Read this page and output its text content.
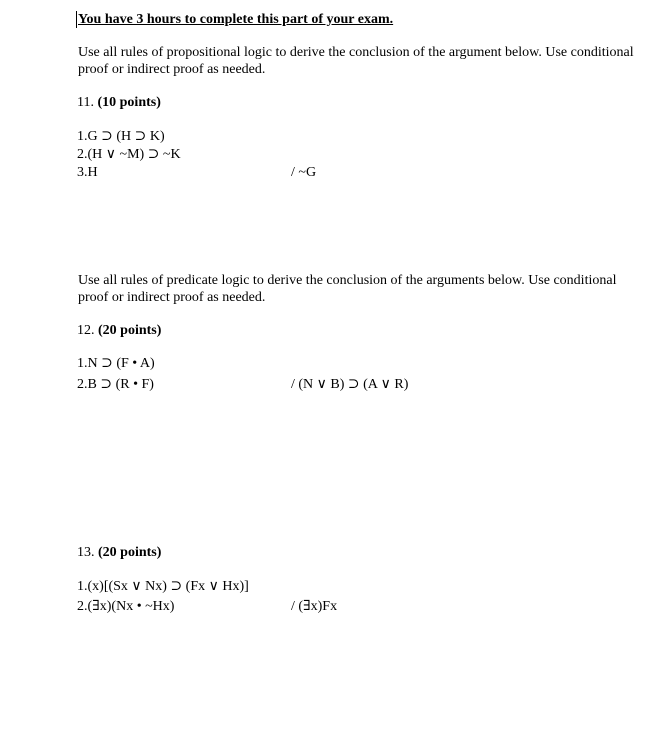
You have 3 hours to complete this part of your exam.
Use all rules of propositional logic to derive the conclusion of the argument below. Use conditional proof or indirect proof as needed.
11. (10 points)
1.G ⊃ (H ⊃ K)
2.(H ∨ ~M) ⊃ ~K
3.H	/ ~G
Use all rules of predicate logic to derive the conclusion of the arguments below. Use conditional proof or indirect proof as needed.
12. (20 points)
1.N ⊃ (F • A)
2.B ⊃ (R • F)	/ (N ∨ B) ⊃ (A ∨ R)
13. (20 points)
1.(x)[(Sx ∨ Nx) ⊃ (Fx ∨ Hx)]
2.(∃x)(Nx • ~Hx)	/ (∃x)Fx
